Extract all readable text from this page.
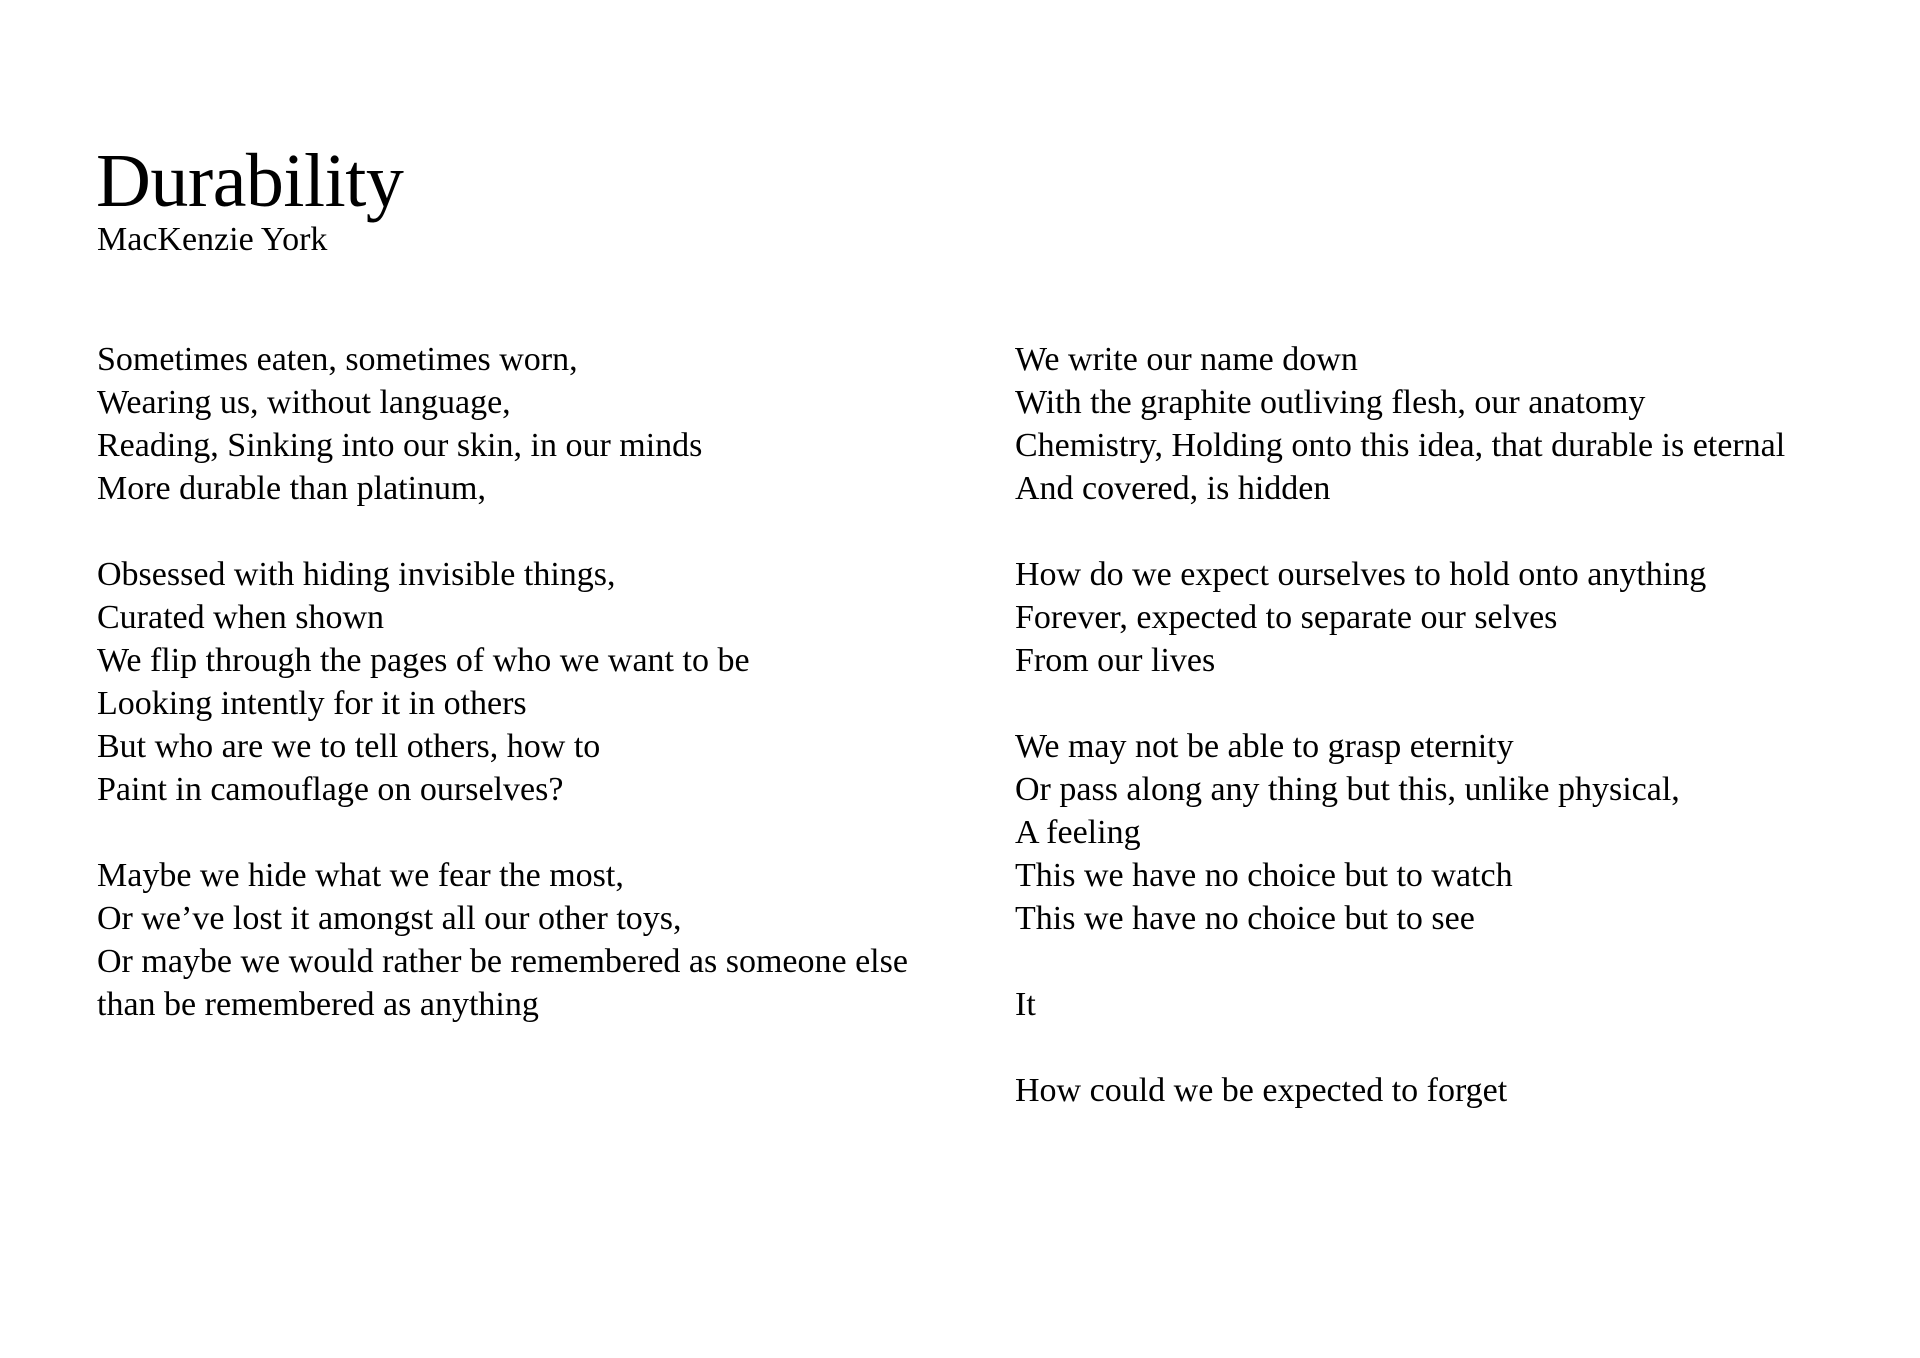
Durability

MacKenzie York

Sometimes eaten, sometimes worn,
Wearing us, without language,
Reading, Sinking into our skin, in our minds
More durable than platinum,
Obsessed with hiding invisible things,
Curated when shown
We flip through the pages of who we want to be
Looking intently for it in others
But who are we to tell others, how to
Paint in camouflage on ourselves?
Maybe we hide what we fear the most,
Or we’ve lost it amongst all our other toys,
Or maybe we would rather be remembered as someone else
than be remembered as anything
We write our name down
With the graphite outliving flesh, our anatomy
Chemistry, Holding onto this idea, that durable is eternal
And covered, is hidden
How do we expect ourselves to hold onto anything
Forever, expected to separate our selves
From our lives
We may not be able to grasp eternity
Or pass along any thing but this, unlike physical,
A feeling
This we have no choice but to watch
This we have no choice but to see
It
How could we be expected to forget
